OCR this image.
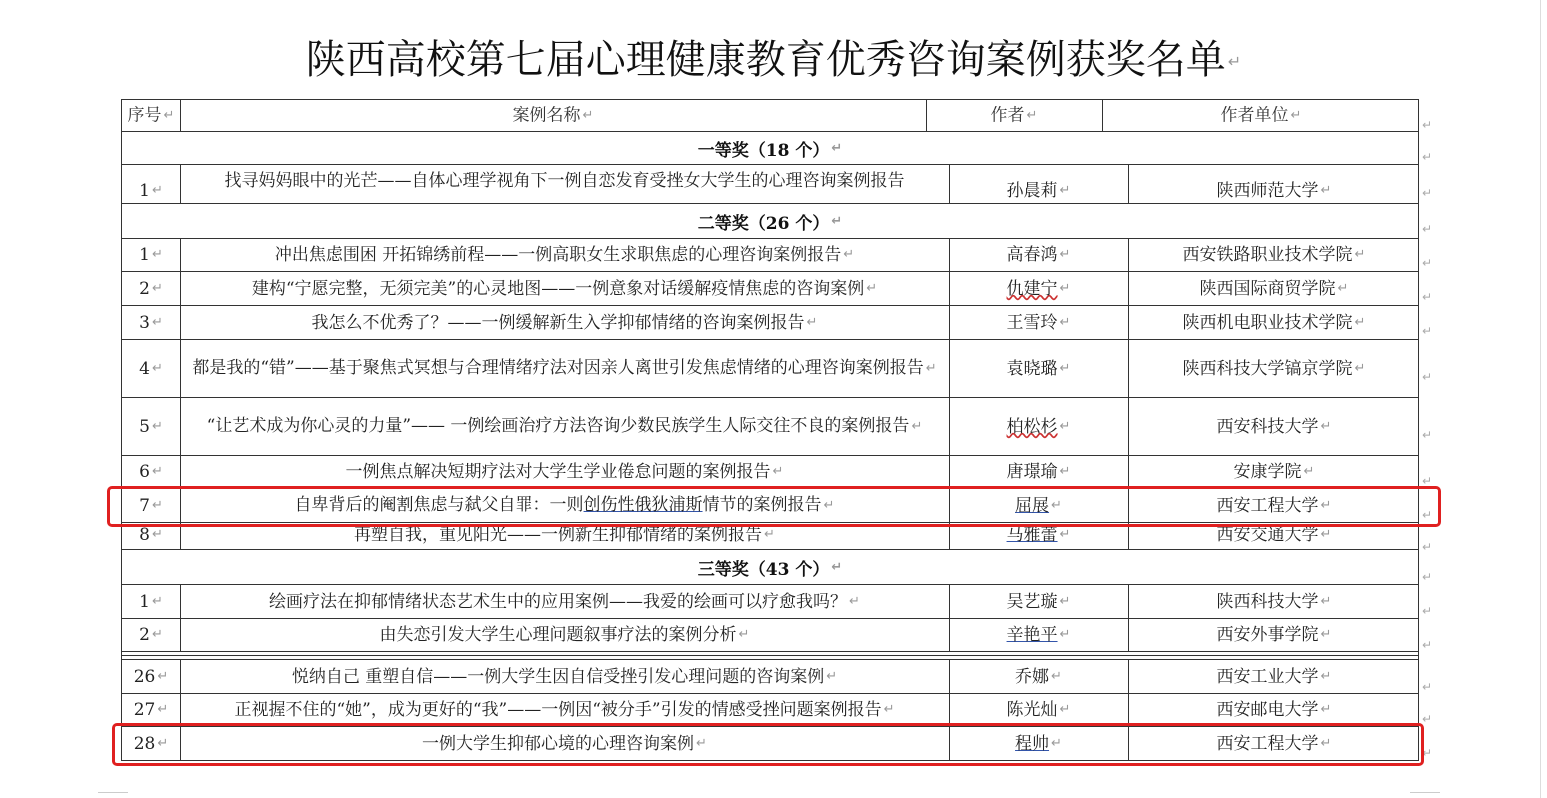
陕西高校第七届心理健康教育优秀咨询案例获奖名单 ↵
序号 ↵	案例名称 ↵	作者 ↵	作者单位 ↵
一等奖（18 个） ↵
1 ↵	找寻妈妈眼中的光芒——自体心理学视角下一例自恋发育受挫女大学生的心理咨询案例报告	孙晨莉 ↵	陕西师范大学 ↵
二等奖（26 个） ↵
1 ↵	冲出焦虑围困 开拓锦绣前程——一例高职女生求职焦虑的心理咨询案例报告 ↵	高春鸿 ↵	西安铁路职业技术学院 ↵
2 ↵	建构“宁愿完整，无须完美”的心灵地图——一例意象对话缓解疫情焦虑的咨询案例 ↵	仇建宁 ↵	陕西国际商贸学院 ↵
3 ↵	我怎么不优秀了？——一例缓解新生入学抑郁情绪的咨询案例报告 ↵	王雪玲 ↵	陕西机电职业技术学院 ↵
4 ↵ 都是我的“错”——基于聚焦式冥想与合理情绪疗法对因亲人离世引发焦虑情绪的心理咨询案例报告 ↵	袁晓璐 ↵	陕西科技大学镐京学院 ↵
5 ↵	“让艺术成为你心灵的力量”—— 一例绘画治疗方法咨询少数民族学生人际交往不良的案例报告 ↵	柏松杉 ↵	西安科技大学 ↵
6 ↵	一例焦点解决短期疗法对大学生学业倦怠问题的案例报告 ↵	唐璟瑜 ↵	安康学院 ↵
7 ↵	自卑背后的阉割焦虑与弑父自罪：一则创伤性俄狄浦斯情节的案例报告 ↵	屈展 ↵	西安工程大学 ↵
8 ↵	再塑自我，重见阳光——一例新生抑郁情绪的案例报告 ↵	马雅蕾 ↵	西安交通大学 ↵
三等奖（43 个） ↵
1 ↵	绘画疗法在抑郁情绪状态艺术生中的应用案例——我爱的绘画可以疗愈我吗？ ↵	吴艺璇 ↵	陕西科技大学 ↵
2 ↵	由失恋引发大学生心理问题叙事疗法的案例分析 ↵	辛艳平 ↵	西安外事学院 ↵
26 ↵	悦纳自己 重塑自信——一例大学生因自信受挫引发心理问题的咨询案例 ↵	乔娜 ↵	西安工业大学 ↵
27 ↵	正视握不住的“她”，成为更好的“我”——一例因“被分手”引发的情感受挫问题案例报告 ↵	陈光灿 ↵	西安邮电大学 ↵
28 ↵	一例大学生抑郁心境的心理咨询案例 ↵	程帅 ↵	西安工程大学 ↵
↵
↵
↵
↵
↵
↵
↵
↵
↵
↵
↵
↵
↵
↵
↵
↵
↵
↵
